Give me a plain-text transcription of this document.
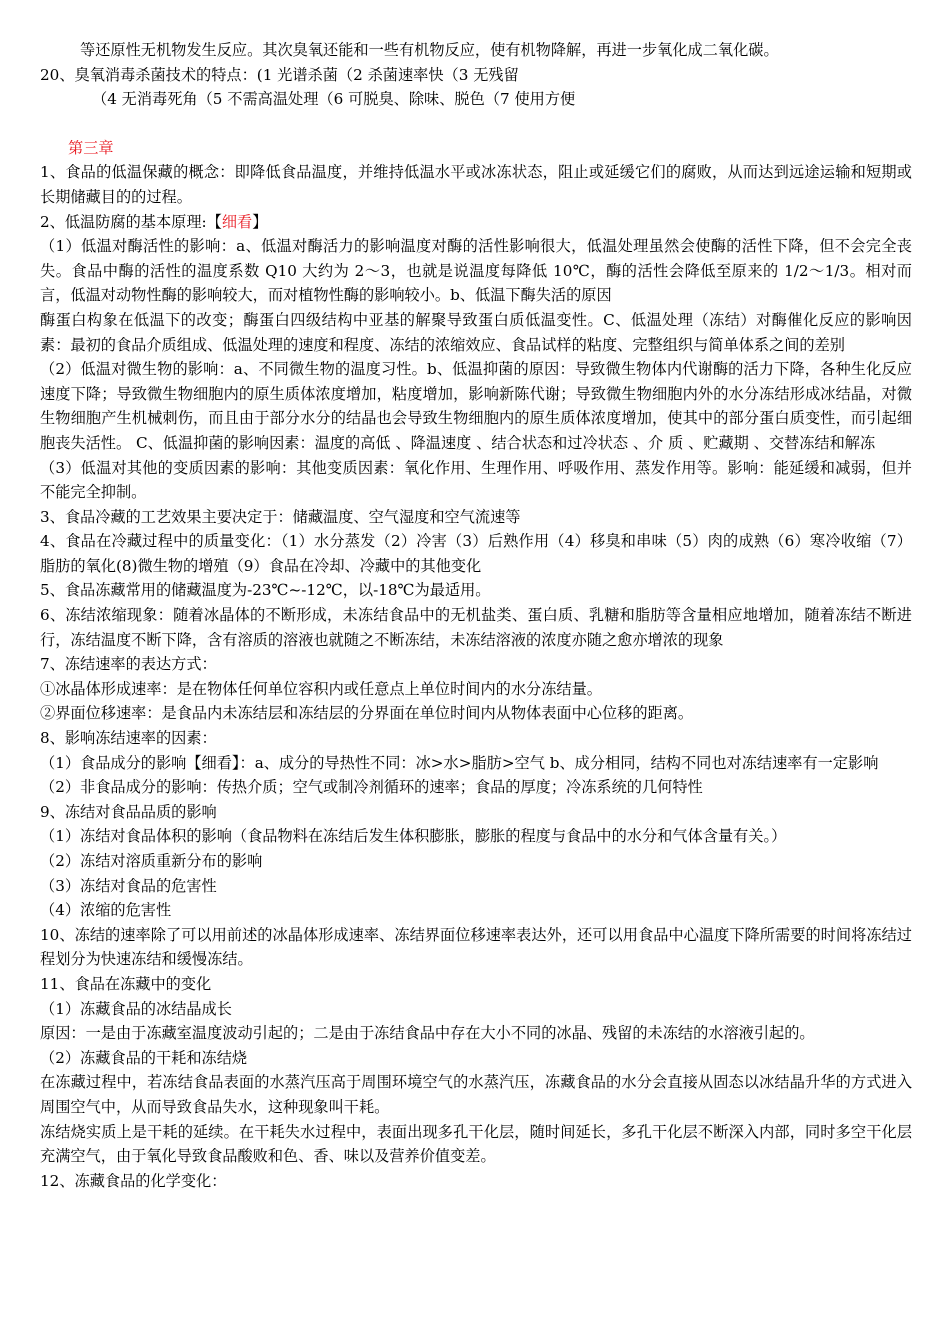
等还原性无机物发生反应。其次臭氧还能和一些有机物反应，使有机物降解，再进一步氧化成二氧化碳。

20、臭氧消毒杀菌技术的特点：(1 光谱杀菌（2 杀菌速率快（3 无残留

（4 无消毒死角（5 不需高温处理（6 可脱臭、除味、脱色（7 使用方便

第三章

1、食品的低温保藏的概念：即降低食品温度，并维持低温水平或冰冻状态，阻止或延缓它们的腐败，从而达到远途运输和短期或长期储藏目的的过程。

2、低温防腐的基本原理:【细看】

（1）低温对酶活性的影响：a、低温对酶活力的影响温度对酶的活性影响很大，低温处理虽然会使酶的活性下降，但不会完全丧失。食品中酶的活性的温度系数 Q10 大约为 2～3，也就是说温度每降低 10℃，酶的活性会降低至原来的 1/2～1/3。相对而言，低温对动物性酶的影响较大，而对植物性酶的影响较小。b、低温下酶失活的原因

酶蛋白构象在低温下的改变；酶蛋白四级结构中亚基的解聚导致蛋白质低温变性。C、低温处理（冻结）对酶催化反应的影响因素：最初的食品介质组成、低温处理的速度和程度、冻结的浓缩效应、食品试样的粘度、完整组织与简单体系之间的差别

（2）低温对微生物的影响：a、不同微生物的温度习性。b、低温抑菌的原因：导致微生物体内代谢酶的活力下降，各种生化反应速度下降；导致微生物细胞内的原生质体浓度增加，粘度增加，影响新陈代谢；导致微生物细胞内外的水分冻结形成冰结晶，对微生物细胞产生机械刺伤，而且由于部分水分的结晶也会导致生物细胞内的原生质体浓度增加，使其中的部分蛋白质变性，而引起细胞丧失活性。 C、低温抑菌的影响因素：温度的高低 、降温速度 、结合状态和过冷状态 、介 质 、贮藏期 、交替冻结和解冻

（3）低温对其他的变质因素的影响：其他变质因素：氧化作用、生理作用、呼吸作用、蒸发作用等。影响：能延缓和减弱，但并不能完全抑制。

3、食品冷藏的工艺效果主要决定于：储藏温度、空气湿度和空气流速等

4、食品在冷藏过程中的质量变化：（1）水分蒸发（2）冷害（3）后熟作用（4）移臭和串味（5）肉的成熟（6）寒冷收缩（7）脂肪的氧化(8)微生物的增殖（9）食品在冷却、冷藏中的其他变化

5、食品冻藏常用的储藏温度为-23℃~-12℃，以-18℃为最适用。

6、冻结浓缩现象：随着冰晶体的不断形成，未冻结食品中的无机盐类、蛋白质、乳糖和脂肪等含量相应地增加，随着冻结不断进行，冻结温度不断下降，含有溶质的溶液也就随之不断冻结，未冻结溶液的浓度亦随之愈亦增浓的现象

7、冻结速率的表达方式：

①冰晶体形成速率：是在物体任何单位容积内或任意点上单位时间内的水分冻结量。

②界面位移速率：是食品内未冻结层和冻结层的分界面在单位时间内从物体表面中心位移的距离。

8、影响冻结速率的因素：

（1）食品成分的影响【细看】：a、成分的导热性不同：冰>水>脂肪>空气 b、成分相同，结构不同也对冻结速率有一定影响

（2）非食品成分的影响：传热介质；空气或制冷剂循环的速率；食品的厚度；冷冻系统的几何特性

9、冻结对食品品质的影响

（1）冻结对食品体积的影响（食品物料在冻结后发生体积膨胀，膨胀的程度与食品中的水分和气体含量有关。）

（2）冻结对溶质重新分布的影响

（3）冻结对食品的危害性

（4）浓缩的危害性

10、冻结的速率除了可以用前述的冰晶体形成速率、冻结界面位移速率表达外，还可以用食品中心温度下降所需要的时间将冻结过程划分为快速冻结和缓慢冻结。

11、食品在冻藏中的变化

（1）冻藏食品的冰结晶成长

原因：一是由于冻藏室温度波动引起的；二是由于冻结食品中存在大小不同的冰晶、残留的未冻结的水溶液引起的。

（2）冻藏食品的干耗和冻结烧

在冻藏过程中，若冻结食品表面的水蒸汽压高于周围环境空气的水蒸汽压，冻藏食品的水分会直接从固态以冰结晶升华的方式进入周围空气中，从而导致食品失水，这种现象叫干耗。

冻结烧实质上是干耗的延续。在干耗失水过程中，表面出现多孔干化层，随时间延长，多孔干化层不断深入内部，同时多空干化层充满空气，由于氧化导致食品酸败和色、香、味以及营养价值变差。

12、冻藏食品的化学变化：
